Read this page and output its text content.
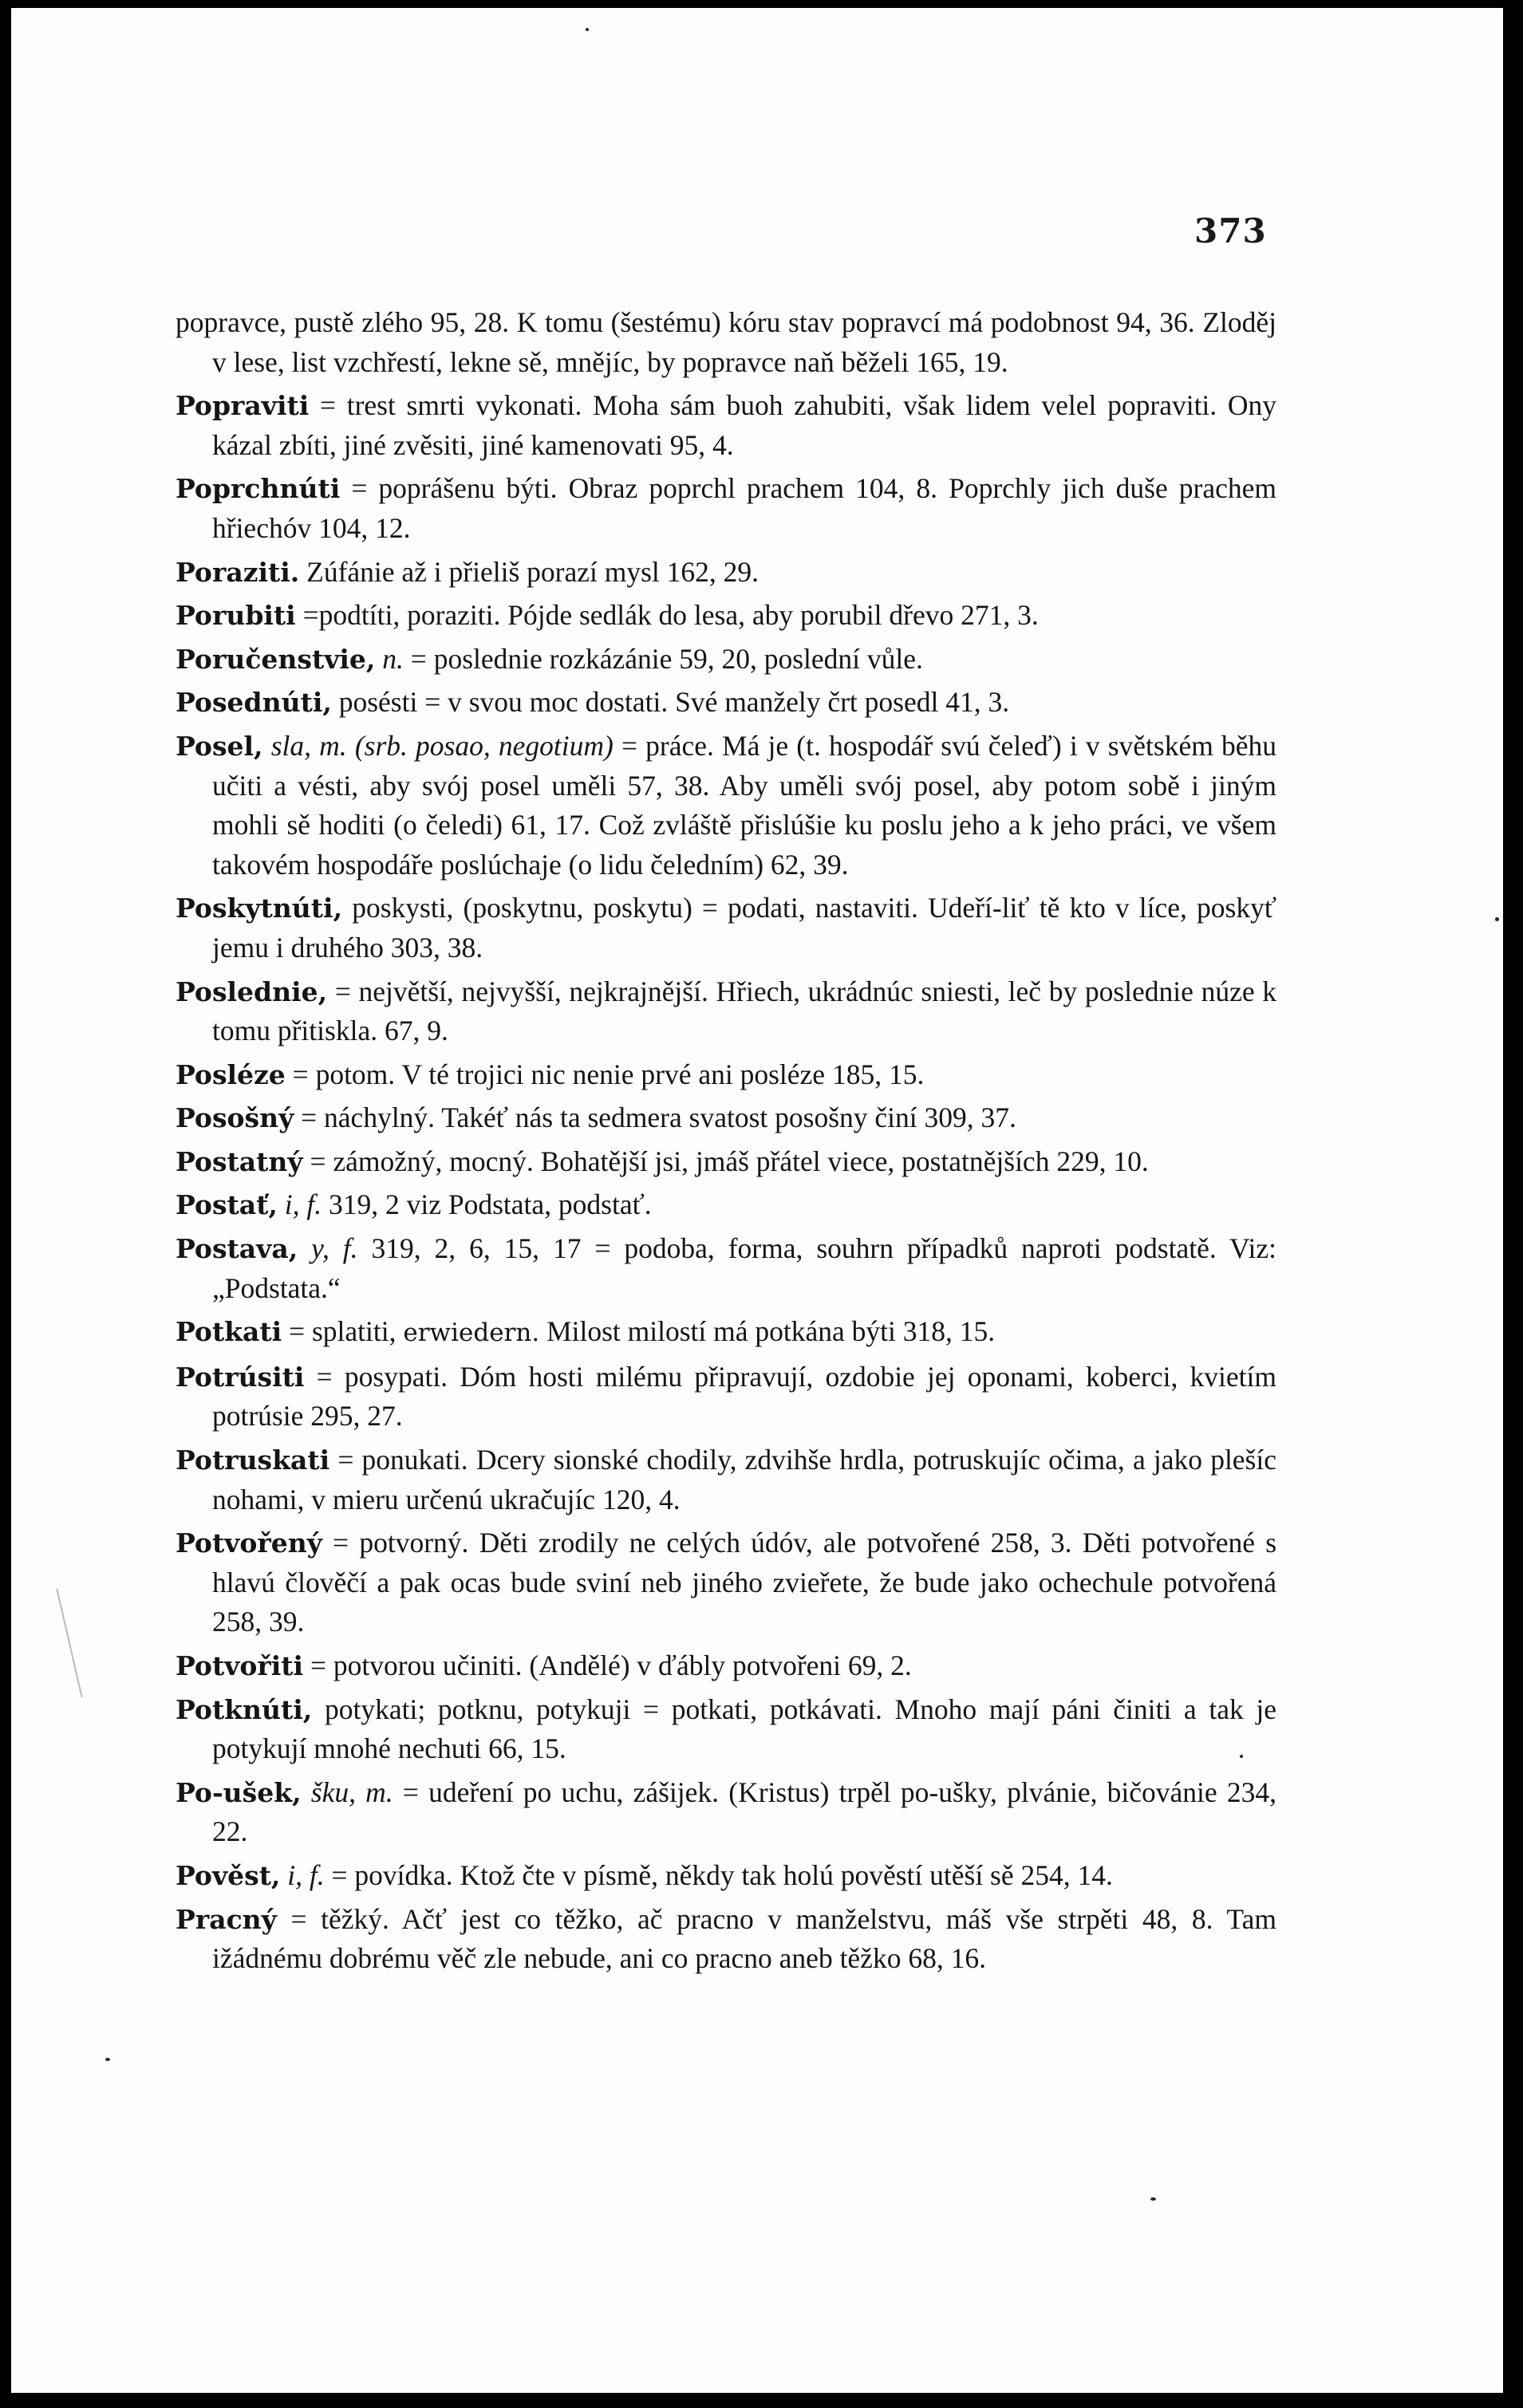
373

popravce, pustě zlého 95, 28. K tomu (šestému) kóru stav popravcí má podobnost 94, 36. Zloděj v lese, list vzchřestí, lekne sě, mnějíc, by popravce naň běželi 165, 19.

Popraviti = trest smrti vykonati. Moha sám buoh zahubiti, však lidem velel popraviti. Ony kázal zbíti, jiné zvěsiti, jiné kamenovati 95, 4.

Poprchnúti = poprášenu býti. Obraz poprchl prachem 104, 8. Poprchly jich duše prachem hřiechóv 104, 12.

Poraziti. Zúfánie až i přieliš porazí mysl 162, 29.

Porubiti =podtíti, poraziti. Pójde sedlák do lesa, aby porubil dřevo 271, 3.

Poručenstvie, n. = poslednie rozkázánie 59, 20, poslední vůle.

Posednúti, posésti = v svou moc dostati. Své manžely črt posedl 41, 3.

Posel, sla, m. (srb. posao, negotium) = práce. Má je (t. hospodář svú čeleď) i v světském běhu učiti a vésti, aby svój posel uměli 57, 38. Aby uměli svój posel, aby potom sobě i jiným mohli sě hoditi (o čeledi) 61, 17. Což zvláště přislúšie ku poslu jeho a k jeho práci, ve všem takovém hospodáře poslúchaje (o lidu čeledním) 62, 39.

Poskytnúti, poskysti, (poskytnu, poskytu) = podati, nastaviti. Udeří-liť tě kto v líce, poskyť jemu i druhého 303, 38.

Poslednie, = největší, nejvyšší, nejkrajnější. Hřiech, ukrádnúc sniesti, leč by poslednie núze k tomu přitiskla. 67, 9.

Posléze = potom. V té trojici nic nenie prvé ani posléze 185, 15.

Posošný = náchylný. Takéť nás ta sedmera svatost posošny činí 309, 37.

Postatný = zámožný, mocný. Bohatější jsi, jmáš přátel viece, postatnějších 229, 10.

Postať, i, f. 319, 2 viz Podstata, podstať.

Postava, y, f. 319, 2, 6, 15, 17 = podoba, forma, souhrn případků naproti podstatě. Viz: „Podstata.“

Potkati = splatiti, erwiedern. Milost milostí má potkána býti 318, 15.

Potrúsiti = posypati. Dóm hosti milému připravují, ozdobie jej oponami, koberci, kvietím potrúsie 295, 27.

Potruskati = ponukati. Dcery sionské chodily, zdvihše hrdla, potruskujíc očima, a jako plešíc nohami, v mieru určenú ukračujíc 120, 4.

Potvořený = potvorný. Děti zrodily ne celých údóv, ale potvořené 258, 3. Děti potvořené s hlavú člověčí a pak ocas bude sviní neb jiného zvieřete, že bude jako ochechule potvořená 258, 39.

Potvořiti = potvorou učiniti. (Andělé) v ďábly potvořeni 69, 2.

Potknúti, potykati; potknu, potykuji = potkati, potkávati. Mnoho mají páni činiti a tak je potykují mnohé nechuti 66, 15.

Po-ušek, šku, m. = udeření po uchu, zášijek. (Kristus) trpěl po-ušky, plvánie, bičovánie 234, 22.

Pověst, i, f. = povídka. Ktož čte v písmě, někdy tak holú pověstí utěší sě 254, 14.

Pracný = těžký. Ačť jest co těžko, ač pracno v manželstvu, máš vše strpěti 48, 8. Tam ižádnému dobrému věč zle nebude, ani co pracno aneb těžko 68, 16.
